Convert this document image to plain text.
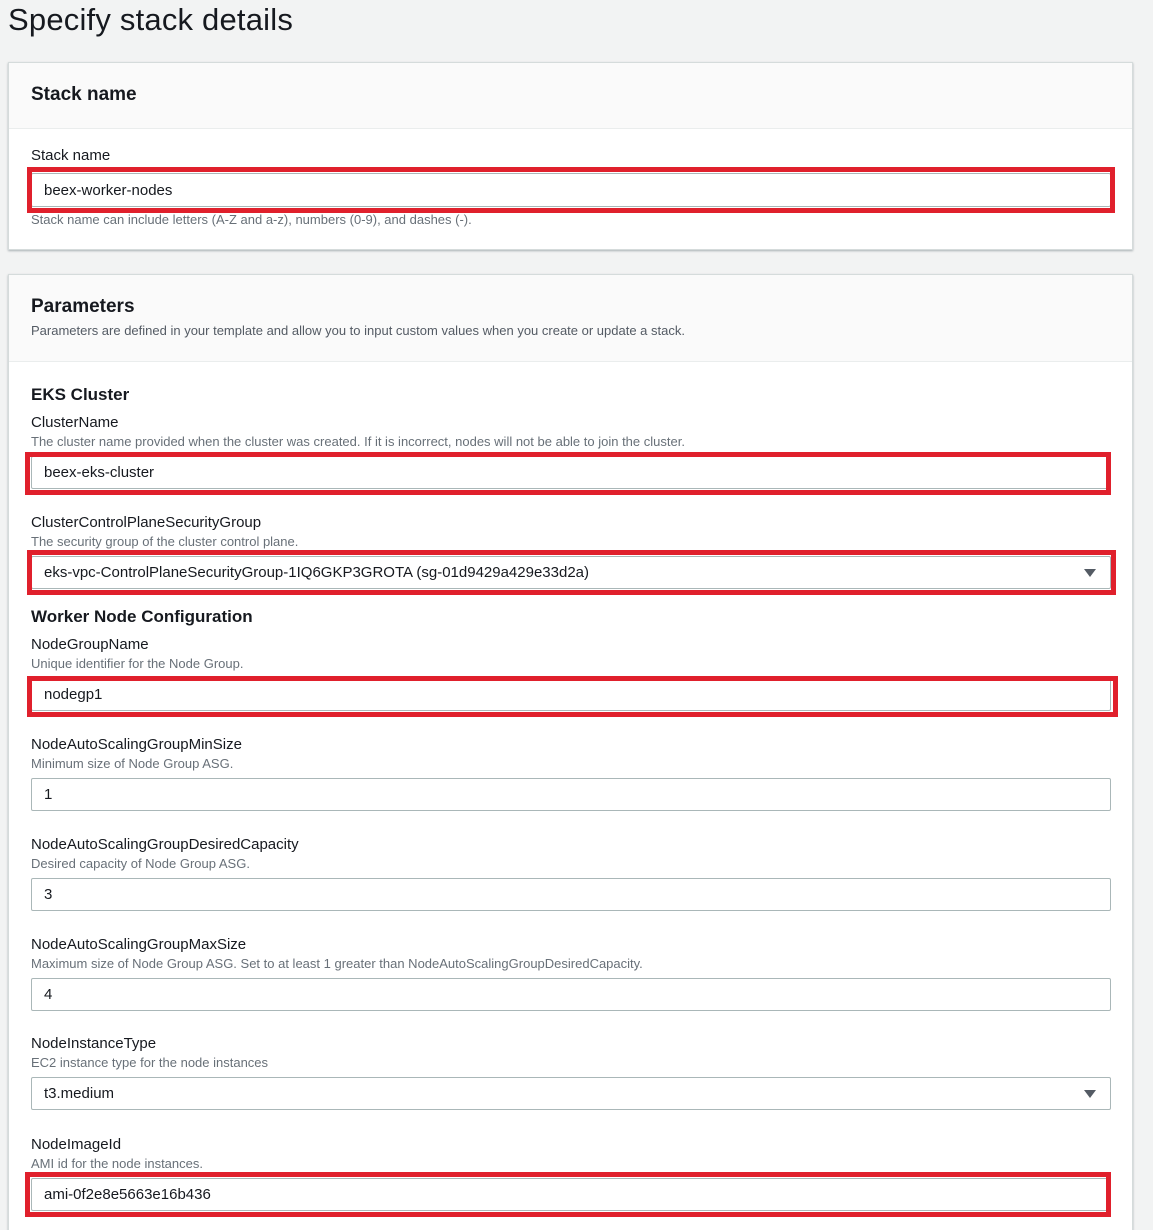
Specify stack details
Stack name
Stack name
beex-worker-nodes
Stack name can include letters (A-Z and a-z), numbers (0-9), and dashes (-).
Parameters
Parameters are defined in your template and allow you to input custom values when you create or update a stack.
EKS Cluster
ClusterName
The cluster name provided when the cluster was created. If it is incorrect, nodes will not be able to join the cluster.
beex-eks-cluster
ClusterControlPlaneSecurityGroup
The security group of the cluster control plane.
eks-vpc-ControlPlaneSecurityGroup-1IQ6GKP3GROTA (sg-01d9429a429e33d2a)
Worker Node Configuration
NodeGroupName
Unique identifier for the Node Group.
nodegp1
NodeAutoScalingGroupMinSize
Minimum size of Node Group ASG.
1
NodeAutoScalingGroupDesiredCapacity
Desired capacity of Node Group ASG.
3
NodeAutoScalingGroupMaxSize
Maximum size of Node Group ASG. Set to at least 1 greater than NodeAutoScalingGroupDesiredCapacity.
4
NodeInstanceType
EC2 instance type for the node instances
t3.medium
NodeImageId
AMI id for the node instances.
ami-0f2e8e5663e16b436
